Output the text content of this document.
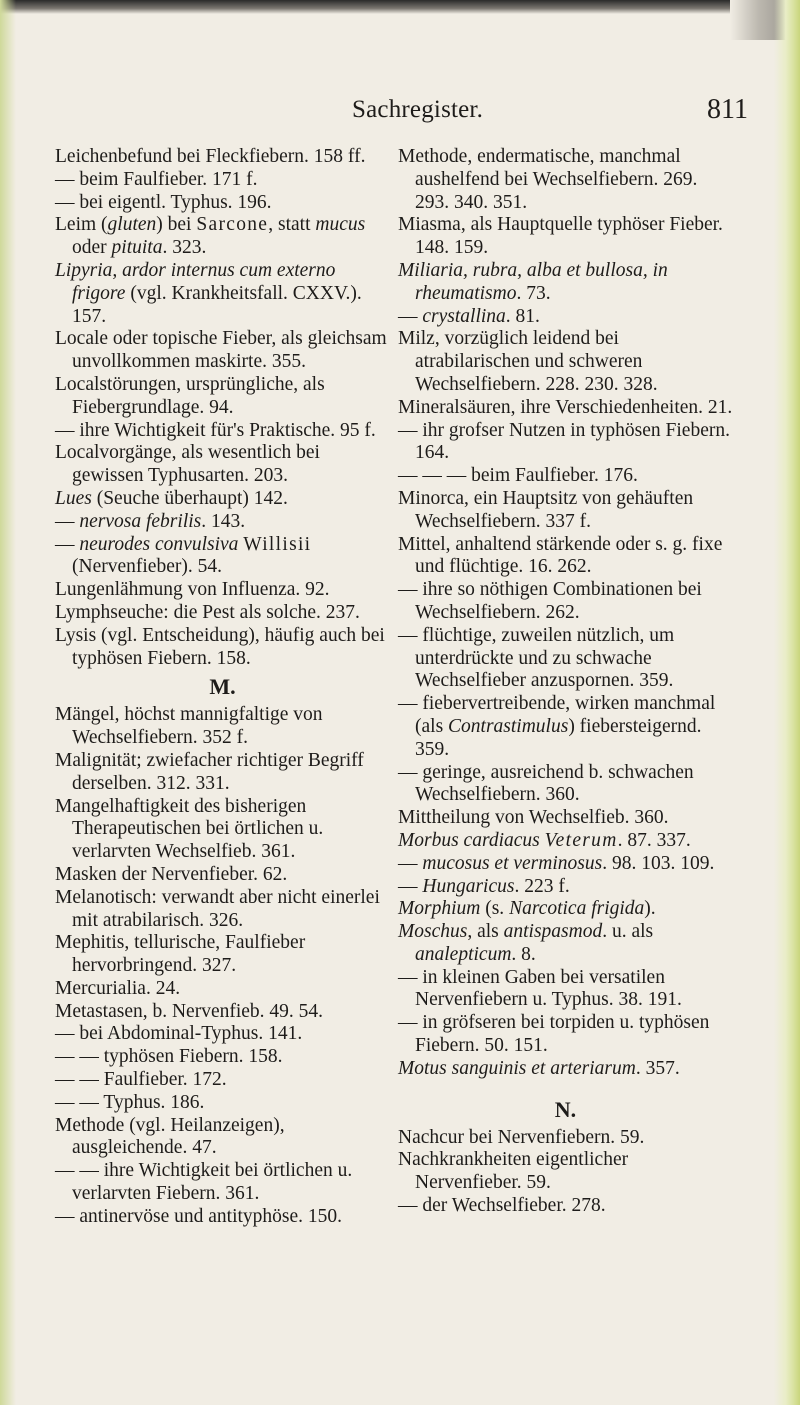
Sachregister.	811
Leichenbefund bei Fleckfiebern. 158 ff.
— beim Faulfieber. 171 f.
— bei eigentl. Typhus. 196.
Leim (gluten) bei Sarcone, statt mucus oder pituita. 323.
Lipyria, ardor internus cum externo frigore (vgl. Krankheitsfall. CXXV.). 157.
Locale oder topische Fieber, als gleichsam unvollkommen maskirte. 355.
Localstörungen, ursprüngliche, als Fiebergrundlage. 94.
— ihre Wichtigkeit für's Praktische. 95 f.
Localvorgänge, als wesentlich bei gewissen Typhusarten. 203.
Lues (Seuche überhaupt) 142.
— nervosa febrilis. 143.
— neurodes convulsiva Willisii (Nervenfieber). 54.
Lungenlähmung von Influenza. 92.
Lymphseuche: die Pest als solche. 237.
Lysis (vgl. Entscheidung), häufig auch bei typhösen Fiebern. 158.
M.
Mängel, höchst mannigfaltige von Wechselfiebern. 352 f.
Malignität; zwiefacher richtiger Begriff derselben. 312. 331.
Mangelhaftigkeit des bisherigen Therapeutischen bei örtlichen u. verlarvten Wechselfieb. 361.
Masken der Nervenfieber. 62.
Melanotisch: verwandt aber nicht einerlei mit atrabilarisch. 326.
Mephitis, tellurische, Faulfieber hervorbringend. 327.
Mercurialia. 24.
Metastasen, b. Nervenfieb. 49. 54.
— bei Abdominal-Typhus. 141.
— — typhösen Fiebern. 158.
— — Faulfieber. 172.
— — Typhus. 186.
Methode (vgl. Heilanzeigen), ausgleichende. 47.
— — ihre Wichtigkeit bei örtlichen u. verlarvten Fiebern. 361.
— antinervöse und antityphöse. 150.
Methode, endermatische, manchmal aushelfend bei Wechselfiebern. 269. 293. 340. 351.
Miasma, als Hauptquelle typhöser Fieber. 148. 159.
Miliaria, rubra, alba et bullosa, in rheumatismo. 73.
— crystallina. 81.
Milz, vorzüglich leidend bei atrabilarischen und schweren Wechselfiebern. 228. 230. 328.
Mineralsäuren, ihre Verschiedenheiten. 21.
— ihr grofser Nutzen in typhösen Fiebern. 164.
— — — beim Faulfieber. 176.
Minorca, ein Hauptsitz von gehäuften Wechselfiebern. 337 f.
Mittel, anhaltend stärkende oder s. g. fixe und flüchtige. 16. 262.
— ihre so nöthigen Combinationen bei Wechselfiebern. 262.
— flüchtige, zuweilen nützlich, um unterdrückte und zu schwache Wechselfieber anzuspornen. 359.
— fiebervertreibende, wirken manchmal (als Contrastimulus) fiebersteigernd. 359.
— geringe, ausreichend b. schwachen Wechselfiebern. 360.
Mittheilung von Wechselfieb. 360.
Morbus cardiacus Veterum. 87. 337.
— mucosus et verminosus. 98. 103. 109.
— Hungaricus. 223 f.
Morphium (s. Narcotica frigida).
Moschus, als antispasmod. u. als analepticum. 8.
— in kleinen Gaben bei versatilen Nervenfiebern u. Typhus. 38. 191.
— in gröfseren bei torpiden u. typhösen Fiebern. 50. 151.
Motus sanguinis et arteriarum. 357.
N.
Nachcur bei Nervenfiebern. 59.
Nachkrankheiten eigentlicher Nervenfieber. 59.
— der Wechselfieber. 278.
